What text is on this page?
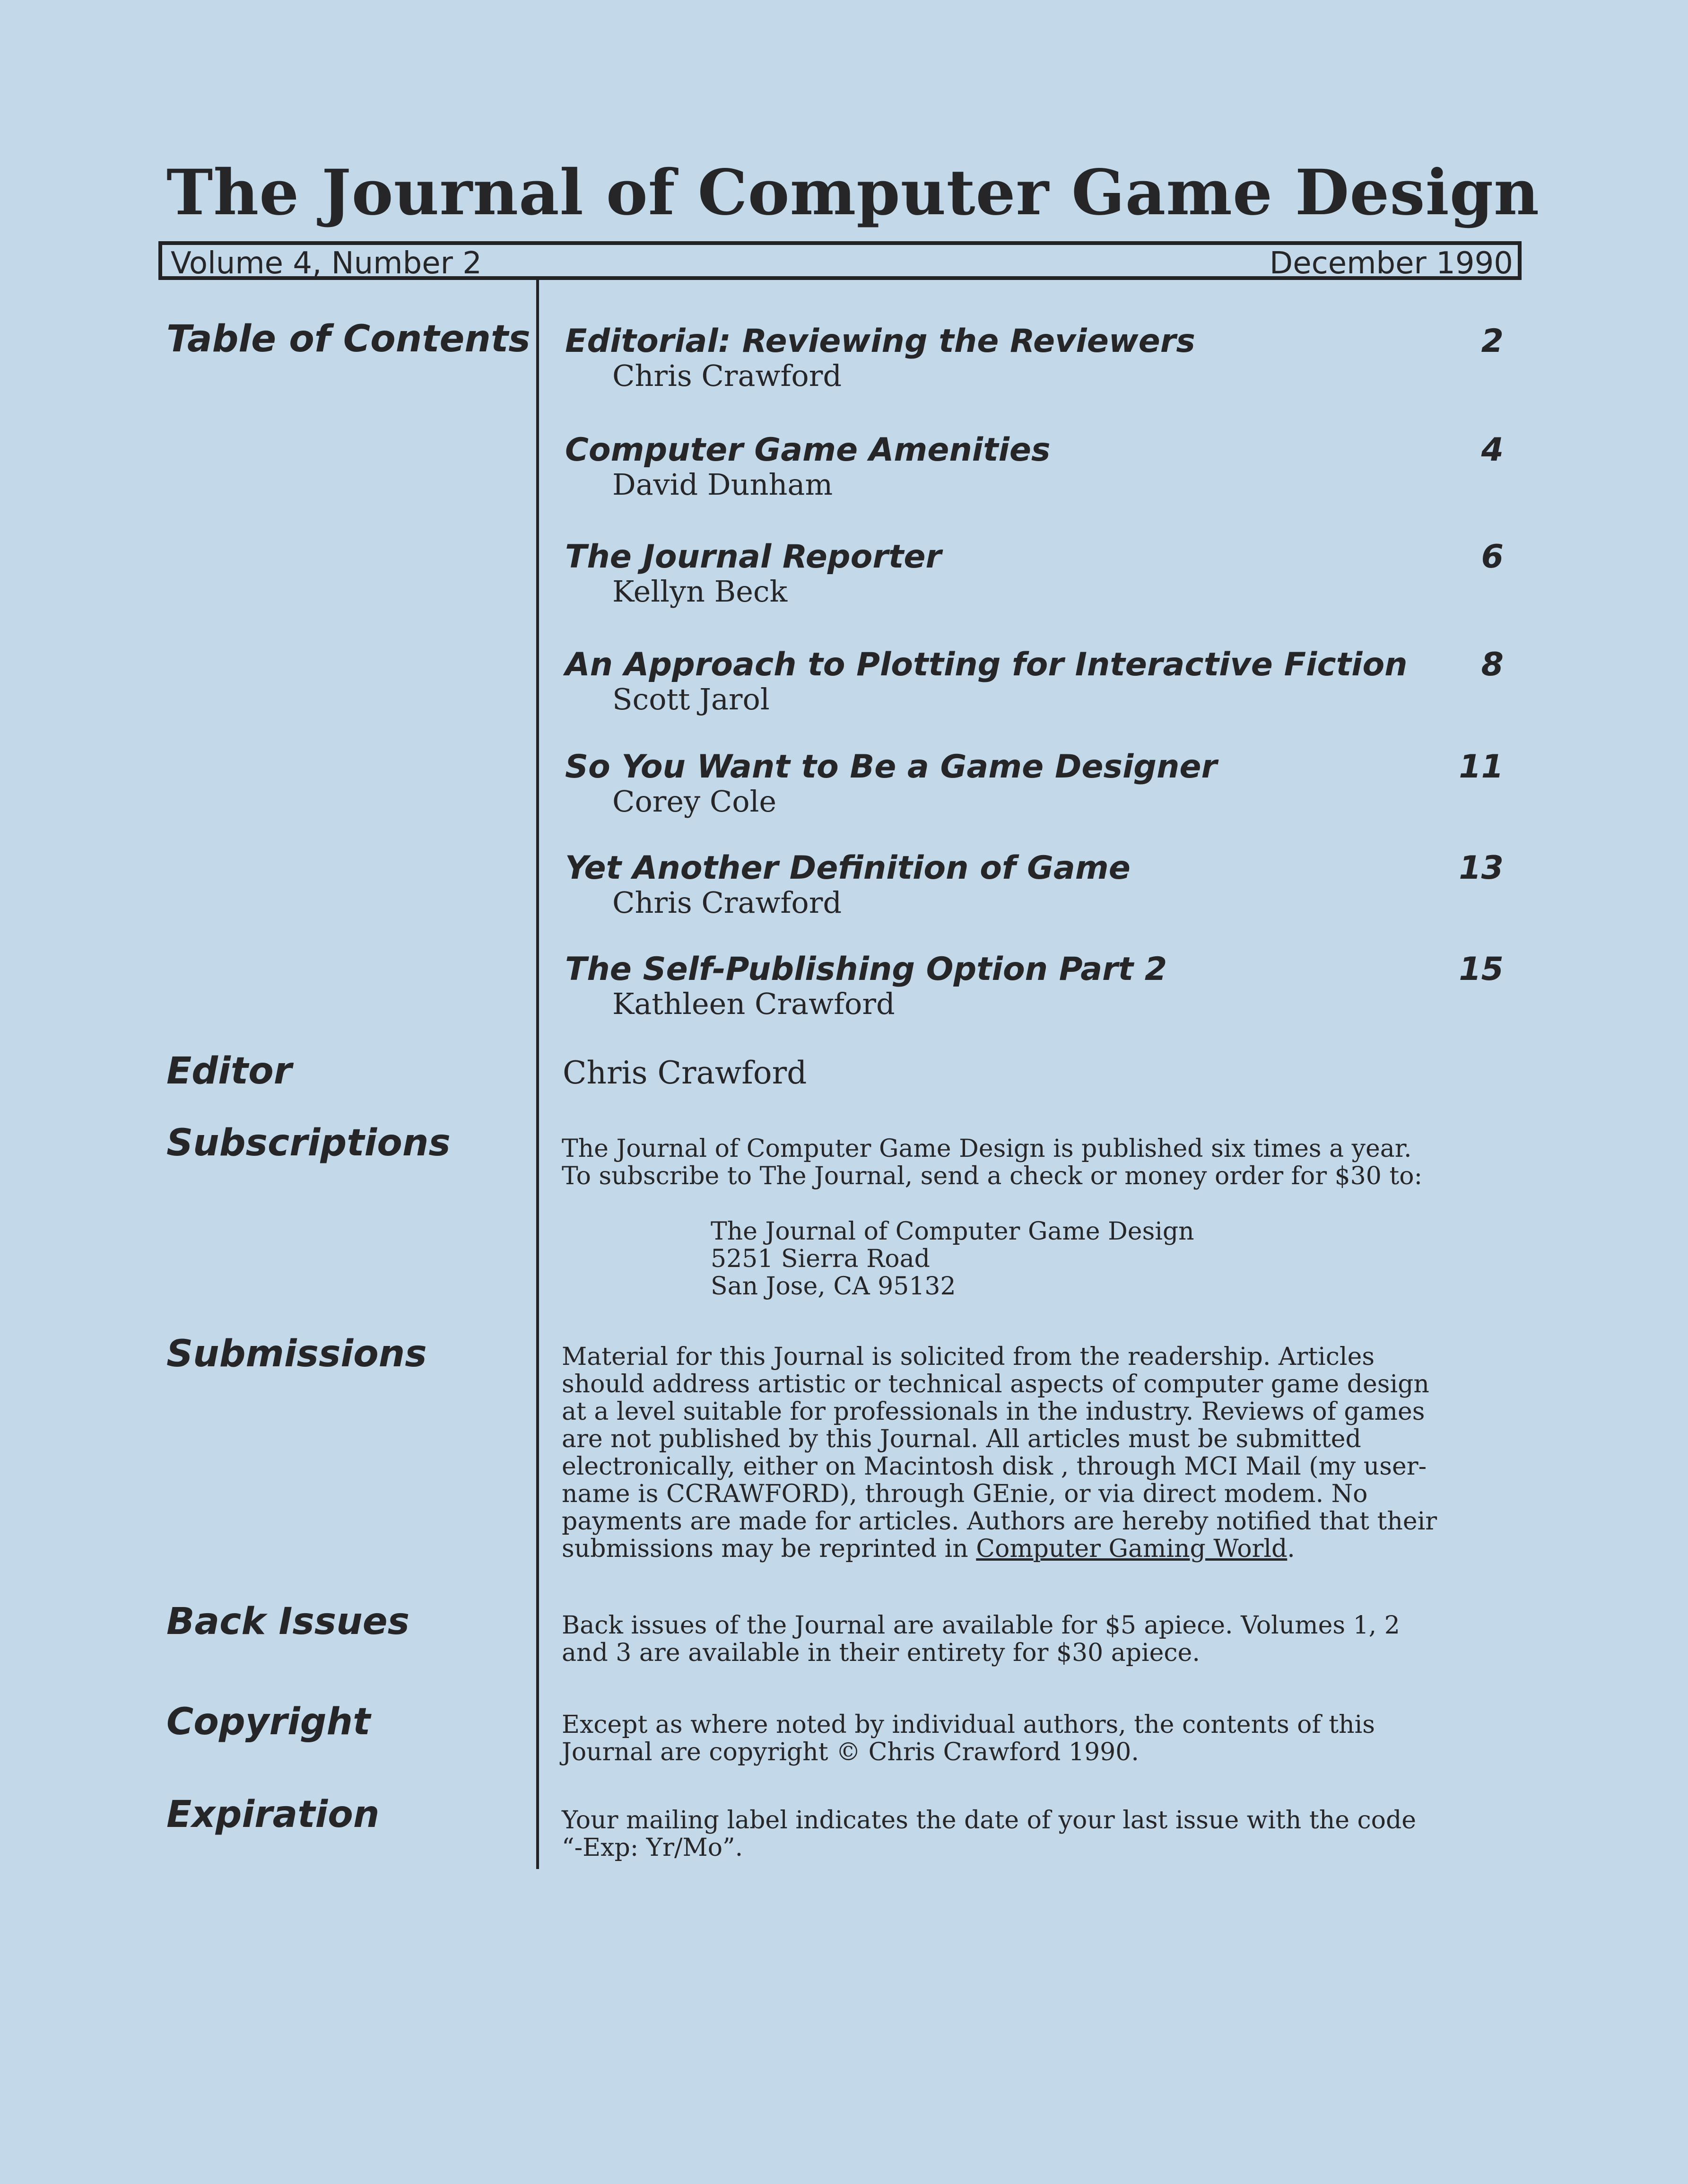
The Journal of Computer Game Design
Volume 4, Number 2	December 1990
Table of Contents
Editor
Subscriptions
Submissions
Back Issues
Copyright
Expiration
Editorial: Reviewing the Reviewers
Chris Crawford
2
Computer Game Amenities
David Dunham
4
The Journal Reporter
Kellyn Beck
6
An Approach to Plotting for Interactive Fiction
Scott Jarol
8
So You Want to Be a Game Designer
Corey Cole
11
Yet Another Definition of Game
Chris Crawford
13
The Self-Publishing Option Part 2
Kathleen Crawford
15
Chris Crawford

The Journal of Computer Game Design is published six times a year.

To subscribe to The Journal, send a check or money order for $30 to:

The Journal of Computer Game Design

5251 Sierra Road

San Jose, CA 95132

Material for this Journal is solicited from the readership. Articles

should address artistic or technical aspects of computer game design

at a level suitable for professionals in the industry. Reviews of games

are not published by this Journal. All articles must be submitted

electronically, either on Macintosh disk , through MCI Mail (my user-

name is CCRAWFORD), through GEnie, or via direct modem. No

payments are made for articles. Authors are hereby notified that their

submissions may be reprinted in Computer Gaming World.

Back issues of the Journal are available for $5 apiece. Volumes 1, 2

and 3 are available in their entirety for $30 apiece.

Except as where noted by individual authors, the contents of this

Journal are copyright © Chris Crawford 1990.

Your mailing label indicates the date of your last issue with the code

“-Exp: Yr/Mo”.
